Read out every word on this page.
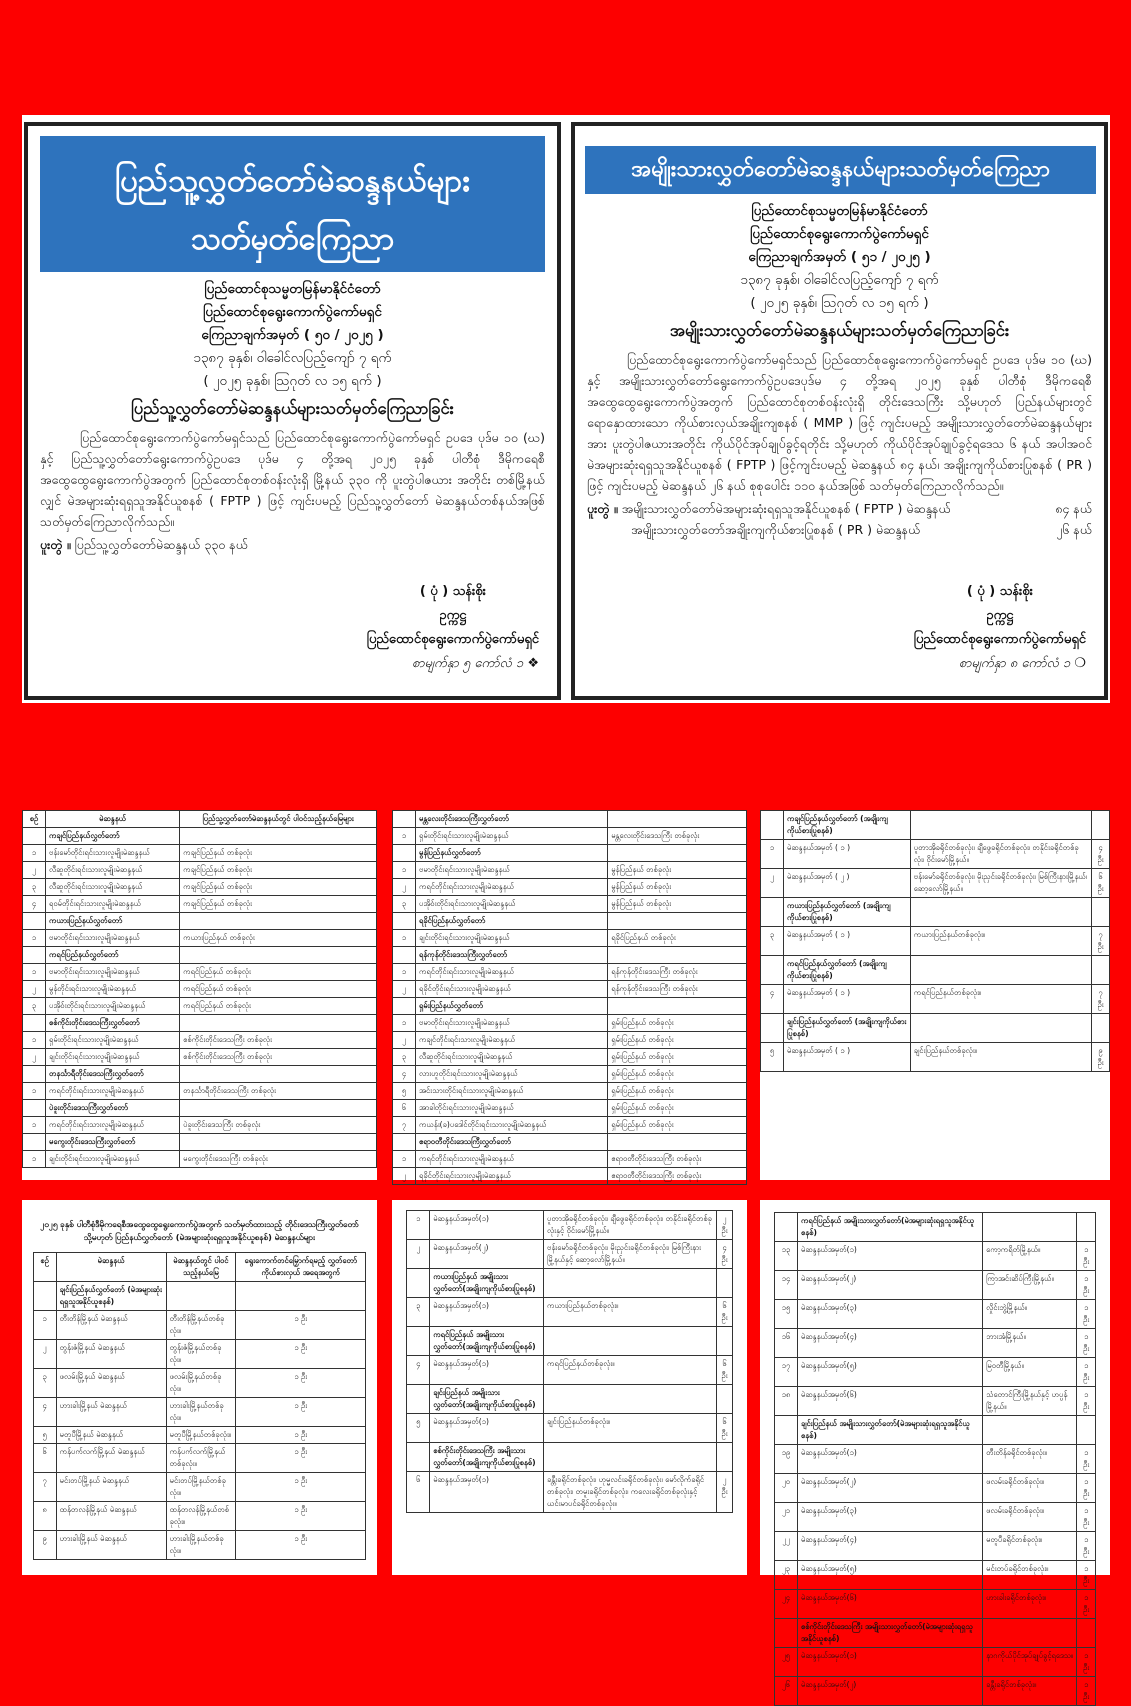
ပြည်သူ့လွှတ်တော်မဲဆန္ဒနယ်များ
သတ်မှတ်ကြေညာ
ပြည်ထောင်စုသမ္မတမြန်မာနိုင်ငံတော်
ပြည်ထောင်စုရွေးကောက်ပွဲကော်မရှင်
ကြေညာချက်အမှတ် ( ၅၀ / ၂၀၂၅ )
၁၃၈၇ ခုနှစ်၊ ဝါခေါင်လပြည့်ကျော် ၇ ရက်
( ၂၀၂၅ ခုနှစ်၊ ဩဂုတ် လ ၁၅ ရက် )
ပြည်သူ့လွှတ်တော်မဲဆန္ဒနယ်များသတ်မှတ်ကြေညာခြင်း
ပြည်ထောင်စုရွေးကောက်ပွဲကော်မရှင်သည် ပြည်ထောင်စုရွေးကောက်ပွဲကော်မရှင် ဥပဒေ ပုဒ်မ ၁၀ (ဃ) နှင့် ပြည်သူ့လွှတ်တော်ရွေးကောက်ပွဲဥပဒေ ပုဒ်မ ၄ တို့အရ ၂၀၂၅ ခုနှစ် ပါတီစုံ ဒီမိုကရေစီအထွေထွေရွေးကောက်ပွဲအတွက် ပြည်ထောင်စုတစ်ဝန်းလုံးရှိ မြို့နယ် ၃၃၀ ကို ပူးတွဲပါဇယား အတိုင်း တစ်မြို့နယ်လျှင် မဲအများဆုံးရရှသူအနိုင်ယူစနစ် ( FPTP ) ဖြင့် ကျင်းပမည့် ပြည်သူ့လွှတ်တော် မဲဆန္ဒနယ်တစ်နယ်အဖြစ် သတ်မှတ်ကြေညာလိုက်သည်။
ပူးတွဲ ။ ပြည်သူ့လွှတ်တော်မဲဆန္ဒနယ် ၃၃၀ နယ်
( ပုံ ) သန်းစိုး
ဥက္ကဋ္ဌ
ပြည်ထောင်စုရွေးကောက်ပွဲကော်မရှင်
စာမျက်နှာ ၅ ကော်လံ ၁ ❖
အမျိုးသားလွှတ်တော်မဲဆန္ဒနယ်များသတ်မှတ်ကြေညာ
ပြည်ထောင်စုသမ္မတမြန်မာနိုင်ငံတော်
ပြည်ထောင်စုရွေးကောက်ပွဲကော်မရှင်
ကြေညာချက်အမှတ် ( ၅၁ / ၂၀၂၅ )
၁၃၈၇ ခုနှစ်၊ ဝါခေါင်လပြည့်ကျော် ၇ ရက်
( ၂၀၂၅ ခုနှစ်၊ ဩဂုတ် လ ၁၅ ရက် )
အမျိုးသားလွှတ်တော်မဲဆန္ဒနယ်များသတ်မှတ်ကြေညာခြင်း
ပြည်ထောင်စုရွေးကောက်ပွဲကော်မရှင်သည် ပြည်ထောင်စုရွေးကောက်ပွဲကော်မရှင် ဥပဒေ ပုဒ်မ ၁၀ (ဃ) နှင့် အမျိုးသားလွှတ်တော်ရွေးကောက်ပွဲဥပဒေပုဒ်မ ၄ တို့အရ ၂၀၂၅ ခုနှစ် ပါတီစုံ ဒီမိုကရေစီအထွေထွေရွေးကောက်ပွဲအတွက် ပြည်ထောင်စုတစ်ဝန်းလုံးရှိ တိုင်းဒေသကြီး သို့မဟုတ် ပြည်နယ်များတွင် ရောနှောထားသော ကိုယ်စားလှယ်အချိုးကျစနစ် ( MMP ) ဖြင့် ကျင်းပမည့် အမျိုးသားလွှတ်တော်မဲဆန္ဒနယ်များအား ပူးတွဲပါဇယားအတိုင်း ကိုယ်ပိုင်အုပ်ချုပ်ခွင့်ရတိုင်း သို့မဟုတ် ကိုယ်ပိုင်အုပ်ချုပ်ခွင့်ရဒေသ ၆ နယ် အပါအဝင် မဲအများဆုံးရရှသူအနိုင်ယူစနစ် ( FPTP ) ဖြင့်ကျင်းပမည့် မဲဆန္ဒနယ် ၈၄ နယ်၊ အချိုးကျကိုယ်စားပြုစနစ် ( PR ) ဖြင့် ကျင်းပမည့် မဲဆန္ဒနယ် ၂၆ နယ် စုစုပေါင်း ၁၁၀ နယ်အဖြစ် သတ်မှတ်ကြေညာလိုက်သည်။
ပူးတွဲ ။ အမျိုးသားလွှတ်တော်မဲအများဆုံးရရှသူအနိုင်ယူစနစ် ( FPTP ) မဲဆန္ဒနယ်	၈၄ နယ်
အမျိုးသားလွှတ်တော်အချိုးကျကိုယ်စားပြုစနစ် ( PR ) မဲဆန္ဒနယ်	၂၆ နယ်
( ပုံ ) သန်းစိုး
ဥက္ကဋ္ဌ
ပြည်ထောင်စုရွေးကောက်ပွဲကော်မရှင်
စာမျက်နှာ ၈ ကော်လံ ၁ ❍
စဉ်	မဲဆန္ဒနယ်	ပြည်သူ့လွှတ်တော်မဲဆန္ဒနယ်တွင် ပါဝင်သည့်နယ်မြေများ
	ကချင်ပြည်နယ်လွှတ်တော်	
၁	ဗန်းမော်တိုင်းရင်းသားလူမျိုးမဲဆန္ဒနယ်	ကချင်ပြည်နယ် တစ်ခုလုံး
၂	လီဆူတိုင်းရင်းသားလူမျိုးမဲဆန္ဒနယ်	ကချင်ပြည်နယ် တစ်ခုလုံး
၃	လီဆူတိုင်းရင်းသားလူမျိုးမဲဆန္ဒနယ်	ကချင်ပြည်နယ် တစ်ခုလုံး
၄	ရဝမ်တိုင်းရင်းသားလူမျိုးမဲဆန္ဒနယ်	ကချင်ပြည်နယ် တစ်ခုလုံး
	ကယားပြည်နယ်လွှတ်တော်	
၁	ဗမာတိုင်းရင်းသားလူမျိုးမဲဆန္ဒနယ်	ကယားပြည်နယ် တစ်ခုလုံး
	ကရင်ပြည်နယ်လွှတ်တော်	
၁	ဗမာတိုင်းရင်းသားလူမျိုးမဲဆန္ဒနယ်	ကရင်ပြည်နယ် တစ်ခုလုံး
၂	မွန်တိုင်းရင်းသားလူမျိုးမဲဆန္ဒနယ်	ကရင်ပြည်နယ် တစ်ခုလုံး
၃	ပအိုဝ်းတိုင်းရင်းသားလူမျိုးမဲဆန္ဒနယ်	ကရင်ပြည်နယ် တစ်ခုလုံး
	စစ်ကိုင်းတိုင်းဒေသကြီးလွှတ်တော်	
၁	ရှမ်းတိုင်းရင်းသားလူမျိုးမဲဆန္ဒနယ်	စစ်ကိုင်းတိုင်းဒေသကြီး တစ်ခုလုံး
၂	ချင်းတိုင်းရင်းသားလူမျိုးမဲဆန္ဒနယ်	စစ်ကိုင်းတိုင်းဒေသကြီး တစ်ခုလုံး
	တနင်္သာရီတိုင်းဒေသကြီးလွှတ်တော်	
၁	ကရင်တိုင်းရင်းသားလူမျိုးမဲဆန္ဒနယ်	တနင်္သာရီတိုင်းဒေသကြီး တစ်ခုလုံး
	ပဲခူးတိုင်းဒေသကြီးလွှတ်တော်	
၁	ကရင်တိုင်းရင်းသားလူမျိုးမဲဆန္ဒနယ်	ပဲခူးတိုင်းဒေသကြီး တစ်ခုလုံး
	မကွေးတိုင်းဒေသကြီးလွှတ်တော်	
၁	ချင်းတိုင်းရင်းသားလူမျိုးမဲဆန္ဒနယ်	မကွေးတိုင်းဒေသကြီး တစ်ခုလုံး
	မန္တလေးတိုင်းဒေသကြီးလွှတ်တော်	
၁	ရှမ်းတိုင်းရင်းသားလူမျိုးမဲဆန္ဒနယ်	မန္တလေးတိုင်းဒေသကြီး တစ်ခုလုံး
	မွန်ပြည်နယ်လွှတ်တော်	
၁	ဗမာတိုင်းရင်းသားလူမျိုးမဲဆန္ဒနယ်	မွန်ပြည်နယ် တစ်ခုလုံး
၂	ကရင်တိုင်းရင်းသားလူမျိုးမဲဆန္ဒနယ်	မွန်ပြည်နယ် တစ်ခုလုံး
၃	ပအိုဝ်းတိုင်းရင်းသားလူမျိုးမဲဆန္ဒနယ်	မွန်ပြည်နယ် တစ်ခုလုံး
	ရခိုင်ပြည်နယ်လွှတ်တော်	
၁	ချင်းတိုင်းရင်းသားလူမျိုးမဲဆန္ဒနယ်	ရခိုင်ပြည်နယ် တစ်ခုလုံး
	ရန်ကုန်တိုင်းဒေသကြီးလွှတ်တော်	
၁	ကရင်တိုင်းရင်းသားလူမျိုးမဲဆန္ဒနယ်	ရန်ကုန်တိုင်းဒေသကြီး တစ်ခုလုံး
၂	ရခိုင်တိုင်းရင်းသားလူမျိုးမဲဆန္ဒနယ်	ရန်ကုန်တိုင်းဒေသကြီး တစ်ခုလုံး
	ရှမ်းပြည်နယ်လွှတ်တော်	
၁	ဗမာတိုင်းရင်းသားလူမျိုးမဲဆန္ဒနယ်	ရှမ်းပြည်နယ် တစ်ခုလုံး
၂	ကချင်တိုင်းရင်းသားလူမျိုးမဲဆန္ဒနယ်	ရှမ်းပြည်နယ် တစ်ခုလုံး
၃	လီဆူတိုင်းရင်းသားလူမျိုးမဲဆန္ဒနယ်	ရှမ်းပြည်နယ် တစ်ခုလုံး
၄	လားဟူတိုင်းရင်းသားလူမျိုးမဲဆန္ဒနယ်	ရှမ်းပြည်နယ် တစ်ခုလုံး
၅	အင်းသားတိုင်းရင်းသားလူမျိုးမဲဆန္ဒနယ်	ရှမ်းပြည်နယ် တစ်ခုလုံး
၆	အာခါတိုင်းရင်းသားလူမျိုးမဲဆန္ဒနယ်	ရှမ်းပြည်နယ် တစ်ခုလုံး
၇	ကယန်း(ခ)ပဒေါင်တိုင်းရင်းသားလူမျိုးမဲဆန္ဒနယ်	ရှမ်းပြည်နယ် တစ်ခုလုံး
	ဧရာဝတီတိုင်းဒေသကြီးလွှတ်တော်	
၁	ကရင်တိုင်းရင်းသားလူမျိုးမဲဆန္ဒနယ်	ဧရာဝတီတိုင်းဒေသကြီး တစ်ခုလုံး
၂	ရခိုင်တိုင်းရင်းသားလူမျိုးမဲဆန္ဒနယ်	ဧရာဝတီတိုင်းဒေသကြီး တစ်ခုလုံး
	ကချင်ပြည်နယ်လွှတ်တော် (အချိုးကျကိုယ်စားပြုစနစ်)		
၁	မဲဆန္ဒနယ်အမှတ် ( ၁ )	ပူတာအိုခရိုင်တစ်ခုလုံး၊ ချီဖွေခရိုင်တစ်ခုလုံး၊ တနိုင်းခရိုင်တစ်ခုလုံး၊ ဝိုင်းမော်မြို့နယ်။	၄ ဦး
၂	မဲဆန္ဒနယ်အမှတ် ( ၂ )	ဗန်းမော်ခရိုင်တစ်ခုလုံး၊ မိုးညှင်းခရိုင်တစ်ခုလုံး၊ မြစ်ကြီးနားမြို့နယ်၊ ဆော့လော်မြို့နယ်။	၆ ဦး
	ကယားပြည်နယ်လွှတ်တော် (အချိုးကျကိုယ်စားပြုစနစ်)		
၃	မဲဆန္ဒနယ်အမှတ် ( ၁ )	ကယားပြည်နယ်တစ်ခုလုံး။	၇ ဦး
	ကရင်ပြည်နယ်လွှတ်တော် (အချိုးကျကိုယ်စားပြုစနစ်)		
၄	မဲဆန္ဒနယ်အမှတ် ( ၁ )	ကရင်ပြည်နယ်တစ်ခုလုံး။	၇ ဦး
	ချင်းပြည်နယ်လွှတ်တော် (အချိုးကျကိုယ်စားပြုစနစ်)		
၅	မဲဆန္ဒနယ်အမှတ် ( ၁ )	ချင်းပြည်နယ်တစ်ခုလုံး။	၉ ဦး
၂၀၂၅ ခုနှစ် ပါတီစုံဒီမိုကရေစီအထွေထွေရွေးကောက်ပွဲအတွက် သတ်မှတ်ထားသည့် တိုင်းဒေသကြီးလွှတ်တော် သို့မဟုတ် ပြည်နယ်လွှတ်တော် (မဲအများဆုံးရရှသူအနိုင်ယူစနစ်) မဲဆန္ဒနယ်များ
စဉ်	မဲဆန္ဒနယ်	မဲဆန္ဒနယ်တွင် ပါဝင်သည့်နယ်မြေ	ရွေးကောက်တင်မြှောက်ရမည့် လွှတ်တော်ကိုယ်စားလှယ် အရေအတွက်
	ချင်းပြည်နယ်လွှတ်တော် (မဲအများဆုံးရရှသူအနိုင်ယူစနစ်)		
၁	တီးတိန်မြို့နယ် မဲဆန္ဒနယ်	တီးတိန်မြို့နယ်တစ်ခုလုံး။	၁ ဦး
၂	တွန်းဇံမြို့နယ် မဲဆန္ဒနယ်	တွန်းဇံမြို့နယ်တစ်ခုလုံး။	၁ ဦး
၃	ဖလမ်းမြို့နယ် မဲဆန္ဒနယ်	ဖလမ်းမြို့နယ်တစ်ခုလုံး။	၁ ဦး
၄	ဟားခါးမြို့နယ် မဲဆန္ဒနယ်	ဟားခါးမြို့နယ်တစ်ခုလုံး။	၁ ဦး
၅	မတူပီမြို့နယ် မဲဆန္ဒနယ်	မတူပီမြို့နယ်တစ်ခုလုံး။	၁ ဦး
၆	ကန်ပက်လက်မြို့နယ် မဲဆန္ဒနယ်	ကန်ပက်လက်မြို့နယ်တစ်ခုလုံး။	၁ ဦး
၇	မင်းတပ်မြို့နယ် မဲဆန္ဒနယ်	မင်းတပ်မြို့နယ်တစ်ခုလုံး။	၁ ဦး
၈	ထန်တလန်မြို့နယ် မဲဆန္ဒနယ်	ထန်တလန်မြို့နယ်တစ်ခုလုံး။	၁ ဦး
၉	ဟားခါးမြို့နယ် မဲဆန္ဒနယ်	ဟားခါးမြို့နယ်တစ်ခုလုံး။	၁ ဦး
၁	မဲဆန္ဒနယ်အမှတ်(၁)	ပူတာအိုခရိုင်တစ်ခုလုံး၊ ချီဖွေခရိုင်တစ်ခုလုံး၊ တနိုင်းခရိုင်တစ်ခုလုံးနှင့် ဝိုင်းမော်မြို့နယ်။	၂ ဦး
၂	မဲဆန္ဒနယ်အမှတ်(၂)	ဗန်းမော်ခရိုင်တစ်ခုလုံး၊ မိုးညှင်းခရိုင်တစ်ခုလုံး၊ မြစ်ကြီးနားမြို့နယ်နှင့် ဆော့လော်မြို့နယ်။	၄ ဦး
	ကယားပြည်နယ် အမျိုးသားလွှတ်တော်(အချိုးကျကိုယ်စားပြုစနစ်)		
၃	မဲဆန္ဒနယ်အမှတ်(၁)	ကယားပြည်နယ်တစ်ခုလုံး။	၆ ဦး
	ကရင်ပြည်နယ် အမျိုးသားလွှတ်တော်(အချိုးကျကိုယ်စားပြုစနစ်)		
၄	မဲဆန္ဒနယ်အမှတ်(၁)	ကရင်ပြည်နယ်တစ်ခုလုံး။	၆ ဦး
	ချင်းပြည်နယ် အမျိုးသားလွှတ်တော်(အချိုးကျကိုယ်စားပြုစနစ်)		
၅	မဲဆန္ဒနယ်အမှတ်(၁)	ချင်းပြည်နယ်တစ်ခုလုံး။	၆ ဦး
	စစ်ကိုင်းတိုင်းဒေသကြီး အမျိုးသားလွှတ်တော်(အချိုးကျကိုယ်စားပြုစနစ်)		
၆	မဲဆန္ဒနယ်အမှတ်(၁)	ခန္တီးခရိုင်တစ်ခုလုံး၊ ဟုမ္မလင်းခရိုင်တစ်ခုလုံး၊ မော်လိုက်ခရိုင်တစ်ခုလုံး၊ တမူးခရိုင်တစ်ခုလုံး၊ ကလေးခရိုင်တစ်ခုလုံးနှင့် ယင်းမာပင်ခရိုင်တစ်ခုလုံး။	၂ ဦး
	ကရင်ပြည်နယ် အမျိုးသားလွှတ်တော်(မဲအများဆုံးရရှသူအနိုင်ယူစနစ်)		
၁၃	မဲဆန္ဒနယ်အမှတ်(၁)	ကော့ကရိတ်မြို့နယ်။	၁ ဦး
၁၄	မဲဆန္ဒနယ်အမှတ်(၂)	ကြာအင်းဆိပ်ကြီးမြို့နယ်။	၁ ဦး
၁၅	မဲဆန္ဒနယ်အမှတ်(၃)	လှိုင်းဘွဲ့မြို့နယ်။	၁ ဦး
၁၆	မဲဆန္ဒနယ်အမှတ်(၄)	ဘားအံမြို့နယ်။	၁ ဦး
၁၇	မဲဆန္ဒနယ်အမှတ်(၅)	မြဝတီမြို့နယ်။	၁ ဦး
၁၈	မဲဆန္ဒနယ်အမှတ်(၆)	သံတောင်ကြီးမြို့နယ်နှင့် ဟပ္ပန်မြို့နယ်။	၁ ဦး
	ချင်းပြည်နယ် အမျိုးသားလွှတ်တော်(မဲအများဆုံးရရှသူအနိုင်ယူစနစ်)		
၁၉	မဲဆန္ဒနယ်အမှတ်(၁)	တီးတိန်ခရိုင်တစ်ခုလုံး။	၁ ဦး
၂၀	မဲဆန္ဒနယ်အမှတ်(၂)	ဖလမ်းခရိုင်တစ်ခုလုံး။	၁ ဦး
၂၁	မဲဆန္ဒနယ်အမှတ်(၃)	ဖလမ်းခရိုင်တစ်ခုလုံး။	၁ ဦး
၂၂	မဲဆန္ဒနယ်အမှတ်(၄)	မတူပီခရိုင်တစ်ခုလုံး။	၁ ဦး
၂၃	မဲဆန္ဒနယ်အမှတ်(၅)	မင်းတပ်ခရိုင်တစ်ခုလုံး။	၁ ဦး
၂၄	မဲဆန္ဒနယ်အမှတ်(၆)	ဟားခါးခရိုင်တစ်ခုလုံး။	၁ ဦး
	စစ်ကိုင်းတိုင်းဒေသကြီး အမျိုးသားလွှတ်တော်(မဲအများဆုံးရရှသူအနိုင်ယူစနစ်)		
၂၅	မဲဆန္ဒနယ်အမှတ်(၁)	နာဂကိုယ်ပိုင်အုပ်ချုပ်ခွင့်ရဒေသ။	၁ ဦး
၂၆	မဲဆန္ဒနယ်အမှတ်(၂)	ခန္တီးခရိုင်တစ်ခုလုံး။	၁ ဦး
